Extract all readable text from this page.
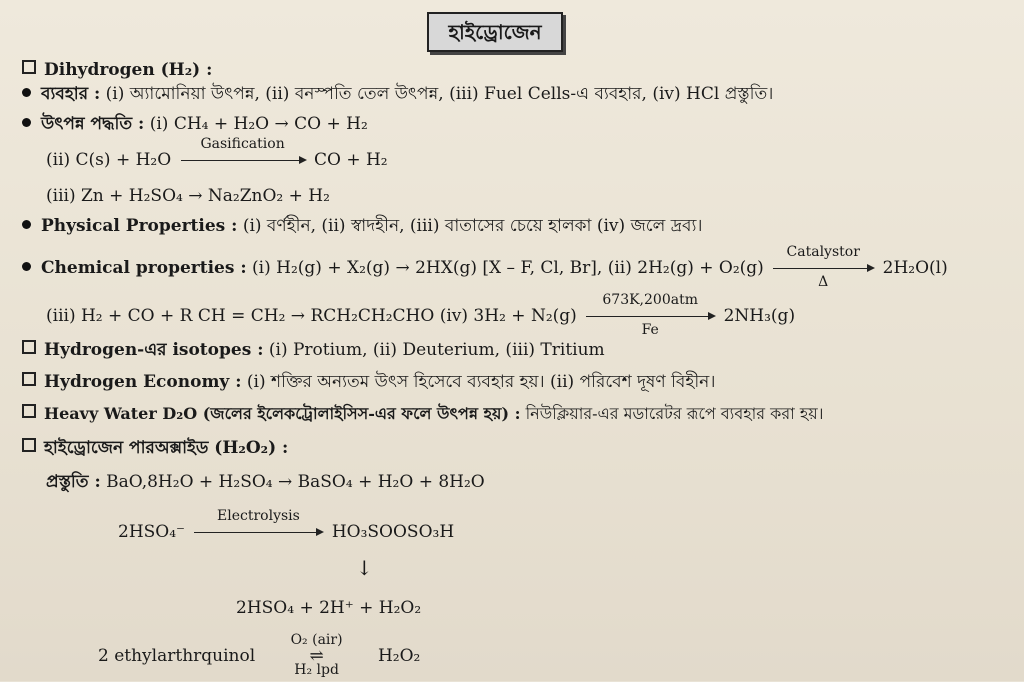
হাইড্রোজেন
Dihydrogen (H₂) :
ব্যবহার : (i) অ্যামোনিয়া উৎপন্ন, (ii) বনস্পতি তেল উৎপন্ন, (iii) Fuel Cells-এ ব্যবহার, (iv) HCl প্রস্তুতি।
উৎপন্ন পদ্ধতি : (i) CH₄ + H₂O → CO + H₂
(ii) C(s) + H₂O
Gasification
CO + H₂
(iii) Zn + H₂SO₄ → Na₂ZnO₂ + H₂
Physical Properties : (i) বর্ণহীন, (ii) স্বাদহীন, (iii) বাতাসের চেয়ে হালকা (iv) জলে দ্রব্য।
Chemical properties : (i) H₂(g) + X₂(g) → 2HX(g) [X – F, Cl, Br], (ii) 2H₂(g) + O₂(g)
Catalystor
Δ
2H₂O(l)
(iii) H₂ + CO + R CH = CH₂ → RCH₂CH₂CHO (iv) 3H₂ + N₂(g)
673K,200atm
Fe
2NH₃(g)
Hydrogen-এর isotopes : (i) Protium, (ii) Deuterium, (iii) Tritium
Hydrogen Economy : (i) শক্তির অন্যতম উৎস হিসেবে ব্যবহার হয়। (ii) পরিবেশ দূষণ বিহীন।
Heavy Water D₂O (জলের ইলেকট্রোলাইসিস-এর ফলে উৎপন্ন হয়) : নিউক্লিয়ার-এর মডারেটর রূপে ব্যবহার করা হয়।
হাইড্রোজেন পারঅক্সাইড (H₂O₂) :
প্রস্তুতি : BaO,8H₂O + H₂SO₄ → BaSO₄ + H₂O + 8H₂O
2HSO₄⁻
Electrolysis
HO₃SOOSO₃H
↓
2HSO₄ + 2H⁺ + H₂O₂
2 ethylarthrquinol
O₂ (air)
⇌
H₂ lpd
H₂O₂
